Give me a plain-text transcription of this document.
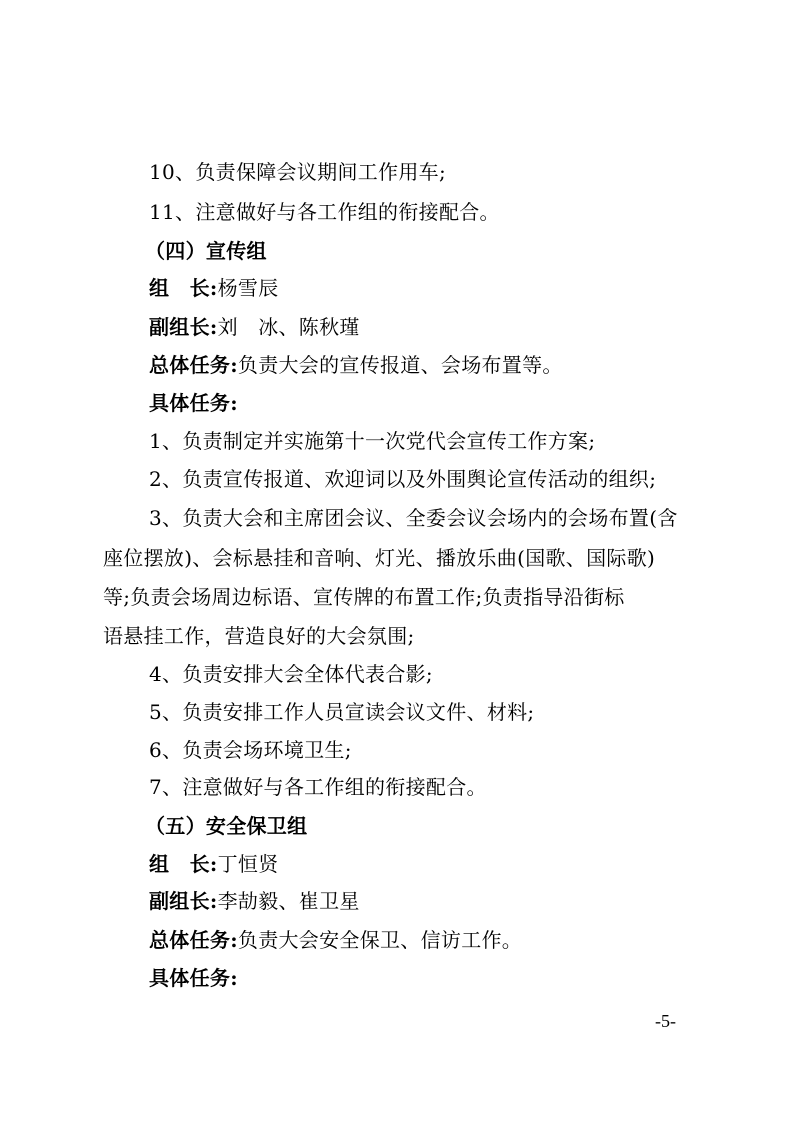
10、负责保障会议期间工作用车;
11、注意做好与各工作组的衔接配合。
（四）宣传组
组　长:杨雪辰
副组长:刘　冰、陈秋瑾
总体任务:负责大会的宣传报道、会场布置等。
具体任务:
1、负责制定并实施第十一次党代会宣传工作方案;
2、负责宣传报道、欢迎词以及外围舆论宣传活动的组织;
3、负责大会和主席团会议、全委会议会场内的会场布置(含
座位摆放)、会标悬挂和音响、灯光、播放乐曲(国歌、国际歌)
等;负责会场周边标语、宣传牌的布置工作;负责指导沿街标
语悬挂工作，营造良好的大会氛围;
4、负责安排大会全体代表合影;
5、负责安排工作人员宣读会议文件、材料;
6、负责会场环境卫生;
7、注意做好与各工作组的衔接配合。
（五）安全保卫组
组　长:丁恒贤
副组长:李劼毅、崔卫星
总体任务:负责大会安全保卫、信访工作。
具体任务:
-5-
